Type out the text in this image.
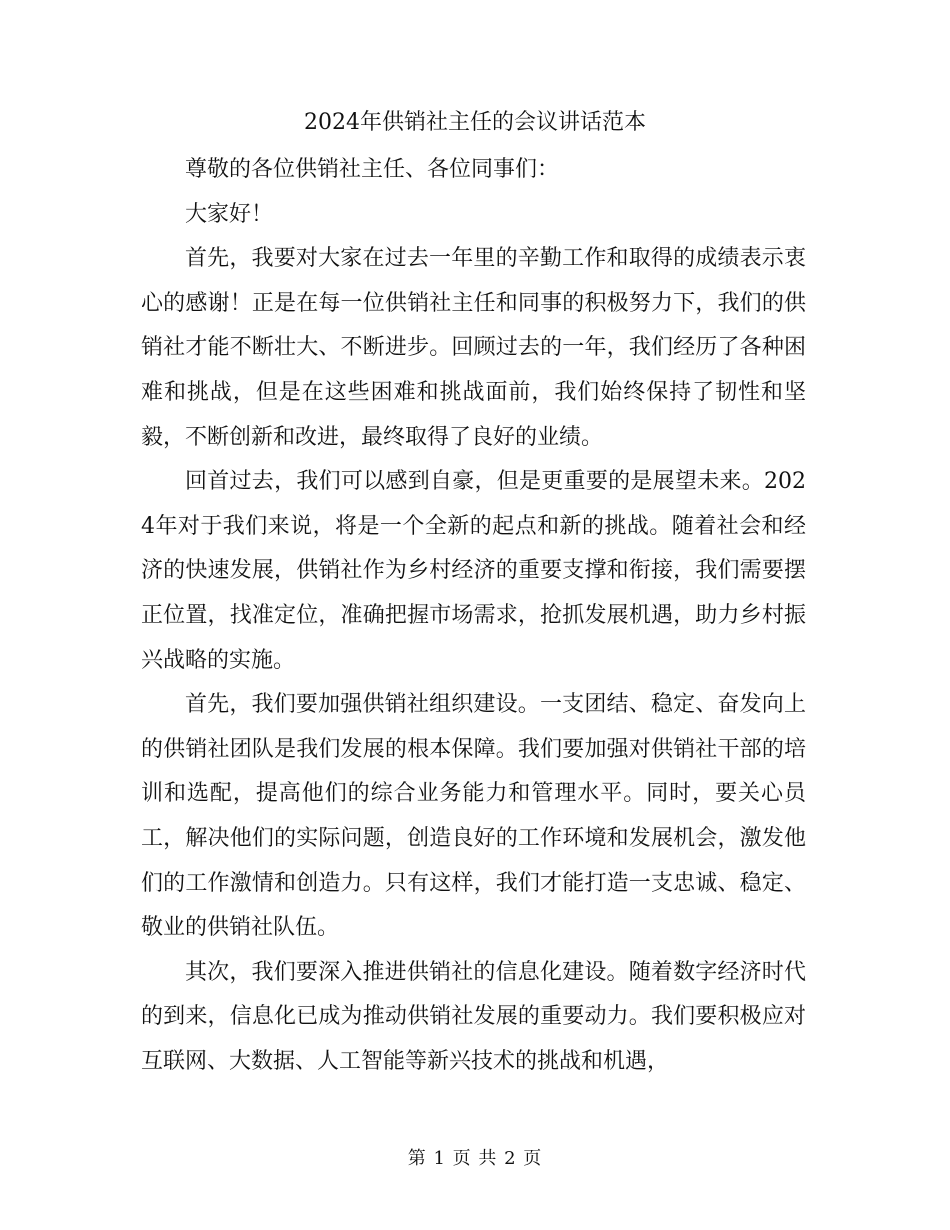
2024年供销社主任的会议讲话范本

尊敬的各位供销社主任、各位同事们：

大家好！

首先，我要对大家在过去一年里的辛勤工作和取得的成绩表示衷心的感谢！正是在每一位供销社主任和同事的积极努力下，我们的供销社才能不断壮大、不断进步。回顾过去的一年，我们经历了各种困难和挑战，但是在这些困难和挑战面前，我们始终保持了韧性和坚毅，不断创新和改进，最终取得了良好的业绩。

回首过去，我们可以感到自豪，但是更重要的是展望未来。2024年对于我们来说，将是一个全新的起点和新的挑战。随着社会和经济的快速发展，供销社作为乡村经济的重要支撑和衔接，我们需要摆正位置，找准定位，准确把握市场需求，抢抓发展机遇，助力乡村振兴战略的实施。

首先，我们要加强供销社组织建设。一支团结、稳定、奋发向上的供销社团队是我们发展的根本保障。我们要加强对供销社干部的培训和选配，提高他们的综合业务能力和管理水平。同时，要关心员工，解决他们的实际问题，创造良好的工作环境和发展机会，激发他们的工作激情和创造力。只有这样，我们才能打造一支忠诚、稳定、敬业的供销社队伍。

其次，我们要深入推进供销社的信息化建设。随着数字经济时代的到来，信息化已成为推动供销社发展的重要动力。我们要积极应对互联网、大数据、人工智能等新兴技术的挑战和机遇，

第 1 页 共 2 页
